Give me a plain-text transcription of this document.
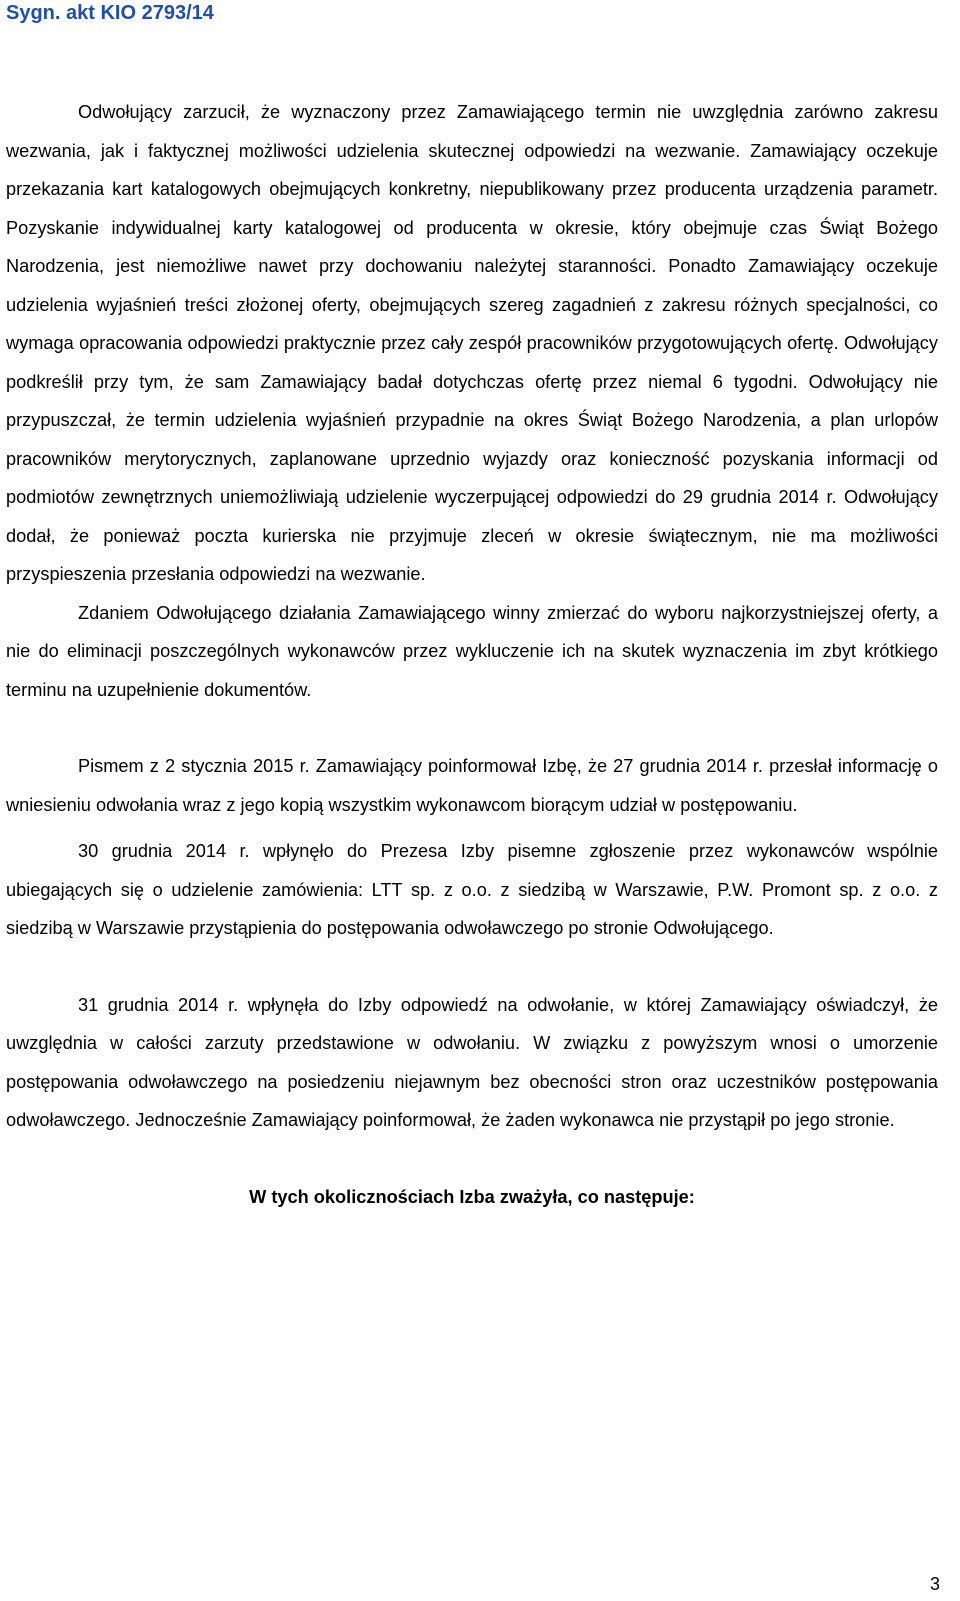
Sygn. akt KIO 2793/14

Odwołujący zarzucił, że wyznaczony przez Zamawiającego termin nie uwzględnia zarówno zakresu wezwania, jak i faktycznej możliwości udzielenia skutecznej odpowiedzi na wezwanie. Zamawiający oczekuje przekazania kart katalogowych obejmujących konkretny, niepublikowany przez producenta urządzenia parametr. Pozyskanie indywidualnej karty katalogowej od producenta w okresie, który obejmuje czas Świąt Bożego Narodzenia, jest niemożliwe nawet przy dochowaniu należytej staranności. Ponadto Zamawiający oczekuje udzielenia wyjaśnień treści złożonej oferty, obejmujących szereg zagadnień z zakresu różnych specjalności, co wymaga opracowania odpowiedzi praktycznie przez cały zespół pracowników przygotowujących ofertę. Odwołujący podkreślił przy tym, że sam Zamawiający badał dotychczas ofertę przez niemal 6 tygodni. Odwołujący nie przypuszczał, że termin udzielenia wyjaśnień przypadnie na okres Świąt Bożego Narodzenia, a plan urlopów pracowników merytorycznych, zaplanowane uprzednio wyjazdy oraz konieczność pozyskania informacji od podmiotów zewnętrznych uniemożliwiają udzielenie wyczerpującej odpowiedzi do 29 grudnia 2014 r. Odwołujący dodał, że ponieważ poczta kurierska nie przyjmuje zleceń w okresie świątecznym, nie ma możliwości przyspieszenia przesłania odpowiedzi na wezwanie.

Zdaniem Odwołującego działania Zamawiającego winny zmierzać do wyboru najkorzystniejszej oferty, a nie do eliminacji poszczególnych wykonawców przez wykluczenie ich na skutek wyznaczenia im zbyt krótkiego terminu na uzupełnienie dokumentów.

Pismem z 2 stycznia 2015 r. Zamawiający poinformował Izbę, że 27 grudnia 2014 r. przesłał informację o wniesieniu odwołania wraz z jego kopią wszystkim wykonawcom biorącym udział w postępowaniu.

30 grudnia 2014 r. wpłynęło do Prezesa Izby pisemne zgłoszenie przez wykonawców wspólnie ubiegających się o udzielenie zamówienia: LTT sp. z o.o. z siedzibą w Warszawie, P.W. Promont sp. z o.o. z siedzibą w Warszawie przystąpienia do postępowania odwoławczego po stronie Odwołującego.

31 grudnia 2014 r. wpłynęła do Izby odpowiedź na odwołanie, w której Zamawiający oświadczył, że uwzględnia w całości zarzuty przedstawione w odwołaniu. W związku z powyższym wnosi o umorzenie postępowania odwoławczego na posiedzeniu niejawnym bez obecności stron oraz uczestników postępowania odwoławczego. Jednocześnie Zamawiający poinformował, że żaden wykonawca nie przystąpił po jego stronie.

W tych okolicznościach Izba zważyła, co następuje:

3
